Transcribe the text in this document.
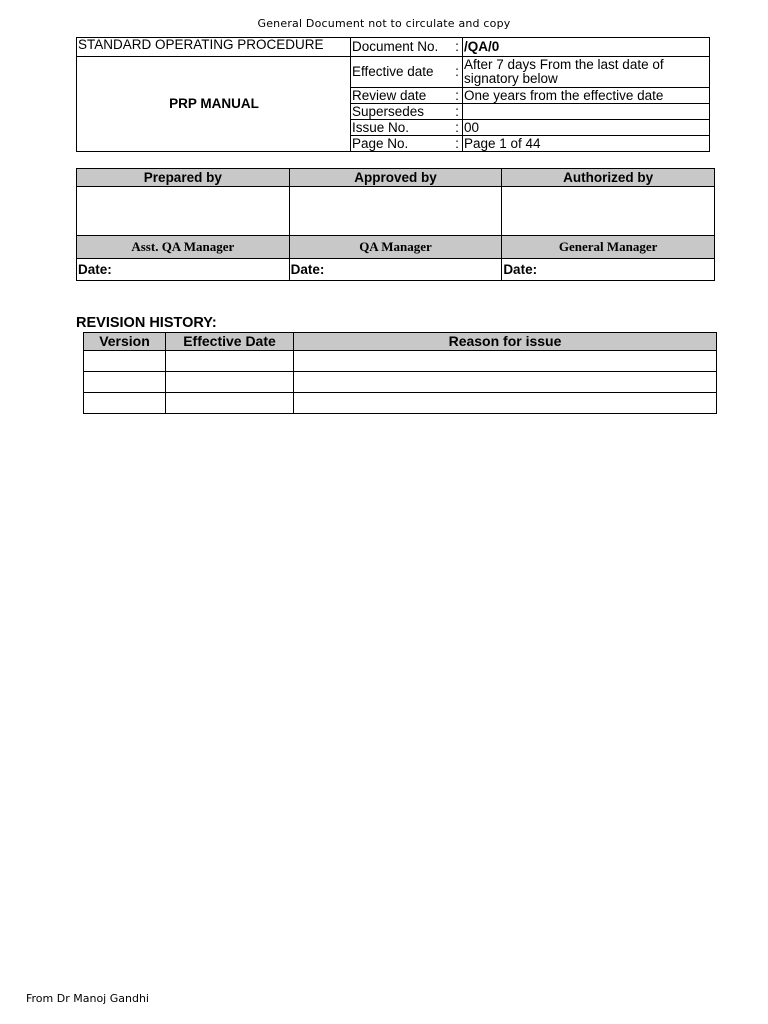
General Document not to circulate and copy
STANDARD OPERATING PROCEDURE	Document No.	:	/QA/0
PRP MANUAL	Effective date	:	After 7 days From the last date of signatory below
	Review date	:	One years from the effective date
	Supersedes	:	
	Issue No.	:	00
	Page No.	:	Page 1 of 44
Prepared by	Approved by	Authorized by

Asst. QA Manager	QA Manager	General Manager
Date:	Date:	Date:
REVISION HISTORY:
Version	Effective Date	Reason for issue

From Dr Manoj Gandhi
